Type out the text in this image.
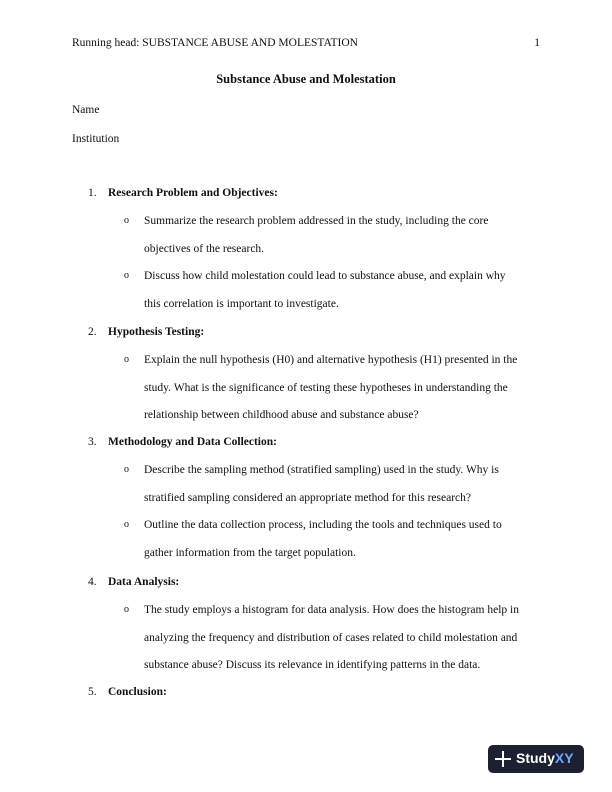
Running head: SUBSTANCE ABUSE AND MOLESTATION	1
Substance Abuse and Molestation
Name
Institution
1. Research Problem and Objectives:
o Summarize the research problem addressed in the study, including the core
objectives of the research.
o Discuss how child molestation could lead to substance abuse, and explain why
this correlation is important to investigate.
2. Hypothesis Testing:
o Explain the null hypothesis (H0) and alternative hypothesis (H1) presented in the
study. What is the significance of testing these hypotheses in understanding the
relationship between childhood abuse and substance abuse?
3. Methodology and Data Collection:
o Describe the sampling method (stratified sampling) used in the study. Why is
stratified sampling considered an appropriate method for this research?
o Outline the data collection process, including the tools and techniques used to
gather information from the target population.
4. Data Analysis:
o The study employs a histogram for data analysis. How does the histogram help in
analyzing the frequency and distribution of cases related to child molestation and
substance abuse? Discuss its relevance in identifying patterns in the data.
5. Conclusion:
StudyXY
